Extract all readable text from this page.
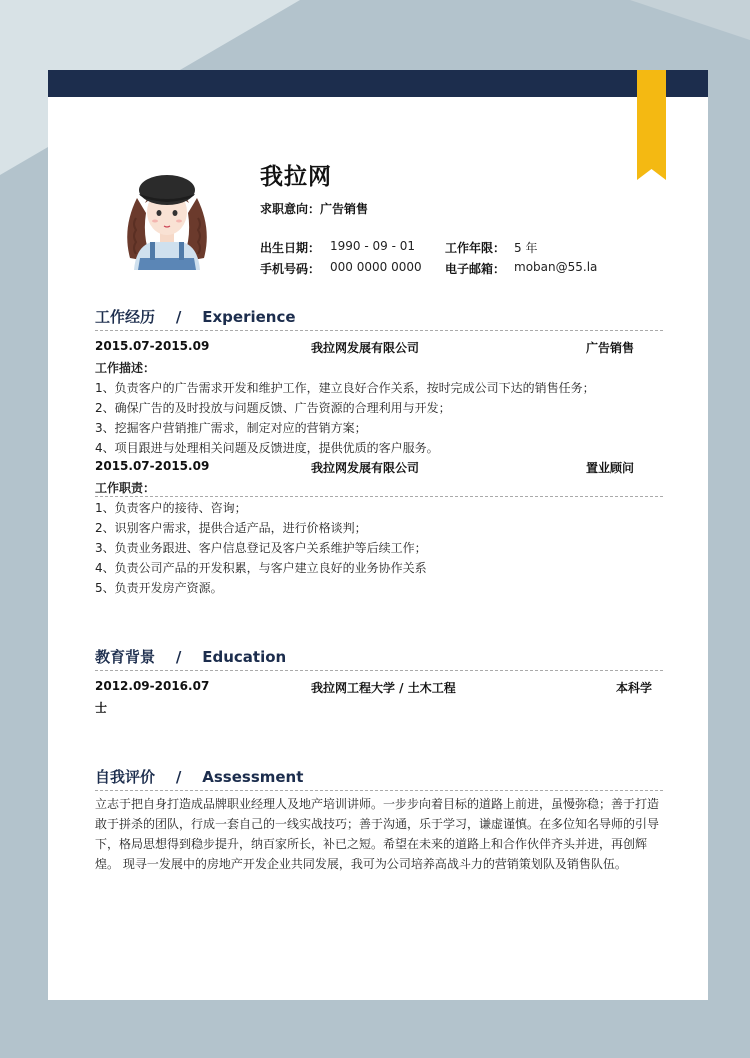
我拉网
求职意向：广告销售
出生日期： 1990 - 09 - 01	工作年限： 5 年
手机号码： 000 0000 0000 电子邮箱： moban@55.la
工作经历    /    Experience
2015.07-2015.09	我拉网发展有限公司	广告销售
工作描述：
1、负责客户的广告需求开发和维护工作，建立良好合作关系，按时完成公司下达的销售任务；
2、确保广告的及时投放与问题反馈、广告资源的合理利用与开发；
3、挖掘客户营销推广需求，制定对应的营销方案；
4、项目跟进与处理相关问题及反馈进度，提供优质的客户服务。
2015.07-2015.09	我拉网发展有限公司	置业顾问
工作职责：
1、负责客户的接待、咨询；
2、识别客户需求，提供合适产品，进行价格谈判；
3、负责业务跟进、客户信息登记及客户关系维护等后续工作；
4、负责公司产品的开发积累，与客户建立良好的业务协作关系
5、负责开发房产资源。
教育背景    /    Education
2012.09-2016.07	我拉网工程大学 / 土木工程	本科学
士
自我评价    /    Assessment
立志于把自身打造成品牌职业经理人及地产培训讲师。一步步向着目标的道路上前进，虽慢弥稳；善于打造敢于拼杀的团队，行成一套自己的一线实战技巧；善于沟通，乐于学习，谦虚谨慎。在多位知名导师的引导下，格局思想得到稳步提升，纳百家所长，补已之短。希望在未来的道路上和合作伙伴齐头并进，再创辉煌。 现寻一发展中的房地产开发企业共同发展，我可为公司培养高战斗力的营销策划队及销售队伍。
